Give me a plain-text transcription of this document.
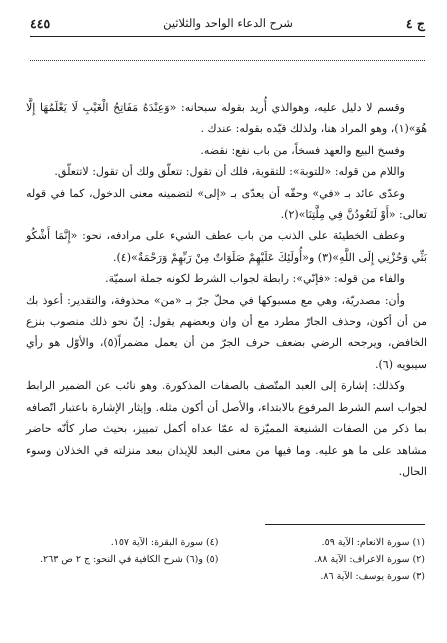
ج ٤
شرح الدعاء الواحد والثلاثين
٤٤٥

وقسم لا دليل عليه، وهوالذي أُريد بقوله سبحانه: «وَعِنْدَهُ مَفَاتِحُ الْغَيْبِ لَا يَعْلَمُهَا إِلَّا هُوَ»(١)، وهو المراد هنا، ولذلك قيّده بقوله: عندك .

وفسخ البيع والعهد فسخاً، من باب نفع: نقضه.

واللام من قوله: «للتوبة»: للتقوية، فلك أن تقول: تتعلّق ولك أن تقول: لاتتعلّق.

وعدّى عائد بـ «في» وحقّه أن يعدّى بـ «إلى» لتضمينه معنى الدخول، كما في قوله تعالى: «أَوْ لَتَعُودُنَّ فِي مِلَّتِنَا»(٢).

وعطف الخطيئة على الذنب من باب عطف الشيء على مرادفه، نحو: «إِنَّمَا أَشْكُو بَثِّي وَحُزْنِي إِلَى اللَّهِ»(٣) و«أُولَئِكَ عَلَيْهِمْ صَلَوَاتٌ مِنْ رَبِّهِمْ وَرَحْمَةٌ»(٤).

والفاء من قوله: «فإنّي»: رابطة لجواب الشرط لكونه جملة اسميّة.

وأن: مصدريّة، وهي مع مسبوكها في محلّ جرّ بـ «من» محذوفة، والتقدير: أعوذ بك من أن أكون، وحذف الجارّ مطرد مع أن وان وبعضهم يقول: إنّ نحو ذلك منصوب بنزع الخافض، ويرجحه الرضي بضعف حرف الجرّ من أن يعمل مضمراً(٥)، والأوّل هو رأي سيبويه (٦).

وكذلك: إشارة إلى العبد المتّصف بالصفات المذكورة. وهو نائب عن الضمير الرابط لجواب اسم الشرط المرفوع بالابتداء، والأصل أن أكون مثله. وإيثار الإشارة باعتبار اتّصافه بما ذكر من الصفات الشنيعة المميّزة له عمّا عداه أكمل تمييز، بحيث صار كأنّه حاضر مشاهد على ما هو عليه. وما فيها من معنى البعد للإيذان ببعد منزلته في الخذلان وسوء الحال.

(١) سورة الانعام: الآية ٥٩.
(٤) سورة البقرة: الآية ١٥٧.
(٢) سورة الاعراف: الآية ٨٨.
(٥) و(٦) شرح الكافية في النحو: ج ٢ ص ٢٦٣.
(٣) سورة يوسف: الآية ٨٦.
